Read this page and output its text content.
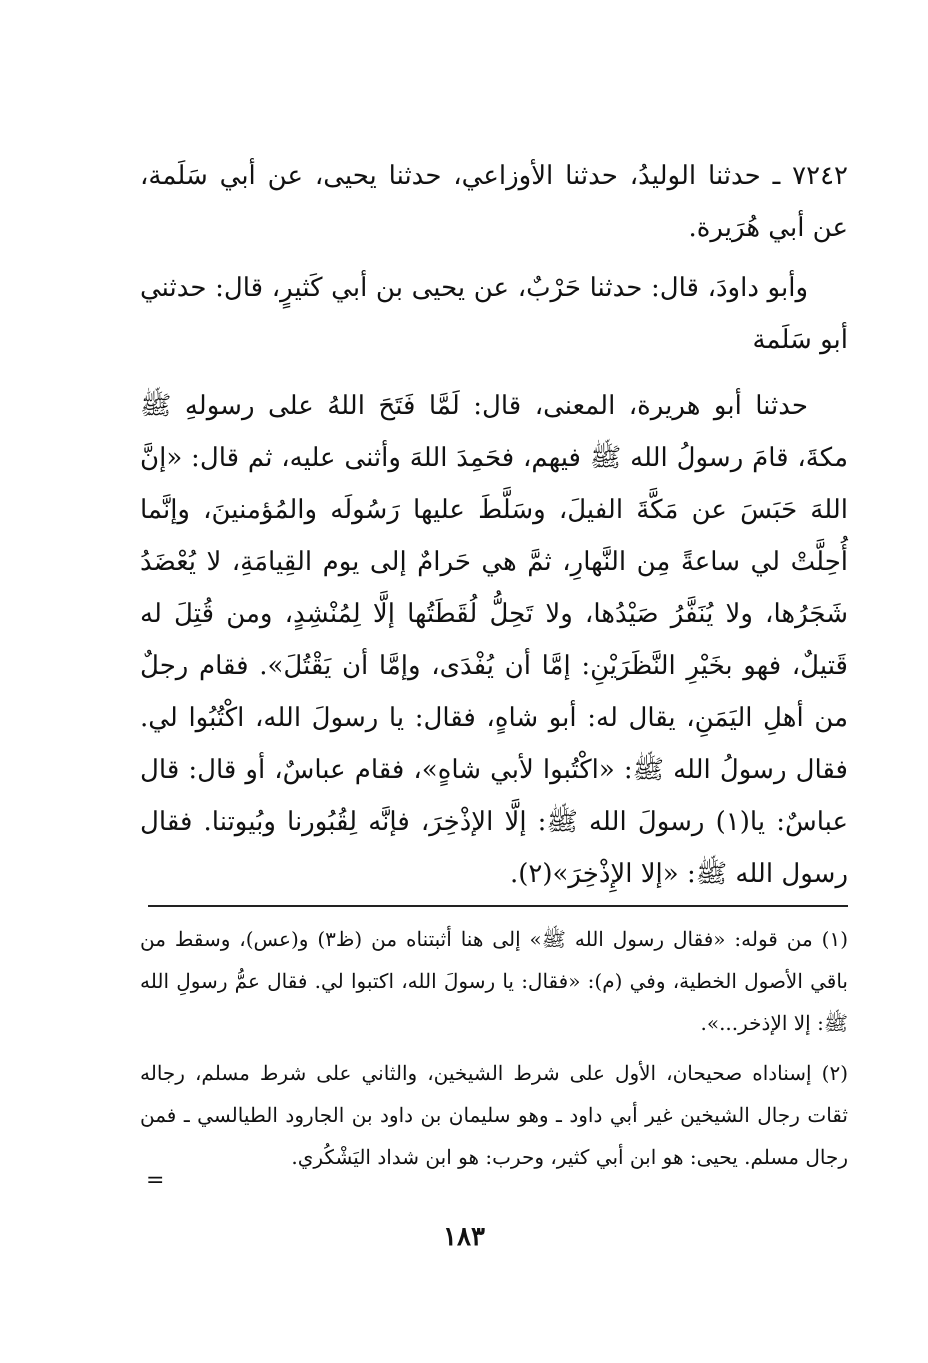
٧٢٤٢ ـ حدثنا الوليدُ، حدثنا الأوزاعي، حدثنا يحيى، عن أبي سَلَمة، عن أبي هُرَيرة.

وأبو داودَ، قال: حدثنا حَرْبٌ، عن يحيى بن أبي كَثيرٍ، قال: حدثني أبو سَلَمة

حدثنا أبو هريرة، المعنى، قال: لَمَّا فَتَحَ اللهُ على رسولهِ ﷺ مكةَ، قامَ رسولُ الله ﷺ فيهم، فحَمِدَ اللهَ وأثنى عليه، ثم قال: «إنَّ اللهَ حَبَسَ عن مَكَّةَ الفيلَ، وسَلَّطَ عليها رَسُولَه والمُؤمنينَ، وإنَّما أُحِلَّتْ لي ساعةً مِن النَّهارِ، ثمَّ هي حَرامٌ إلى يوم القِيامَةِ، لا يُعْضَدُ شَجَرُها، ولا يُنَفَّرُ صَيْدُها، ولا تَحِلُّ لُقَطَتُها إلَّا لِمُنْشِدٍ، ومن قُتِلَ له قَتيلٌ، فهو بخَيْرِ النَّظَرَيْنِ: إمَّا أن يُفْدَى، وإمَّا أن يَقْتُلَ». فقام رجلٌ من أهلِ اليَمَنِ، يقال له: أبو شاهٍ، فقال: يا رسولَ الله، اكْتُبُوا لي. فقال رسولُ الله ﷺ: «اكْتُبوا لأبي شاهٍ»، فقام عباسٌ، أو قال: قال عباسٌ: يا(١) رسولَ الله ﷺ: إلَّا الإذْخِرَ، فإنَّه لِقُبُورنا وبُيوتنا. فقال رسول الله ﷺ: «إلا الإِذْخِرَ»(٢).

(١) من قوله: «فقال رسول الله ﷺ» إلى هنا أثبتناه من (ظ٣) و(عس)، وسقط من باقي الأصول الخطية، وفي (م): «فقال: يا رسولَ الله، اكتبوا لي. فقال عمُّ رسولِ الله ﷺ: إلا الإذخر...».

(٢) إسناداه صحيحان، الأول على شرط الشيخين، والثاني على شرط مسلم، رجاله ثقات رجال الشيخين غير أبي داود ـ وهو سليمان بن داود بن الجارود الطيالسي ـ فمن رجال مسلم. يحيى: هو ابن أبي كثير، وحرب: هو ابن شداد اليَشْكُري.

=
١٨٣
